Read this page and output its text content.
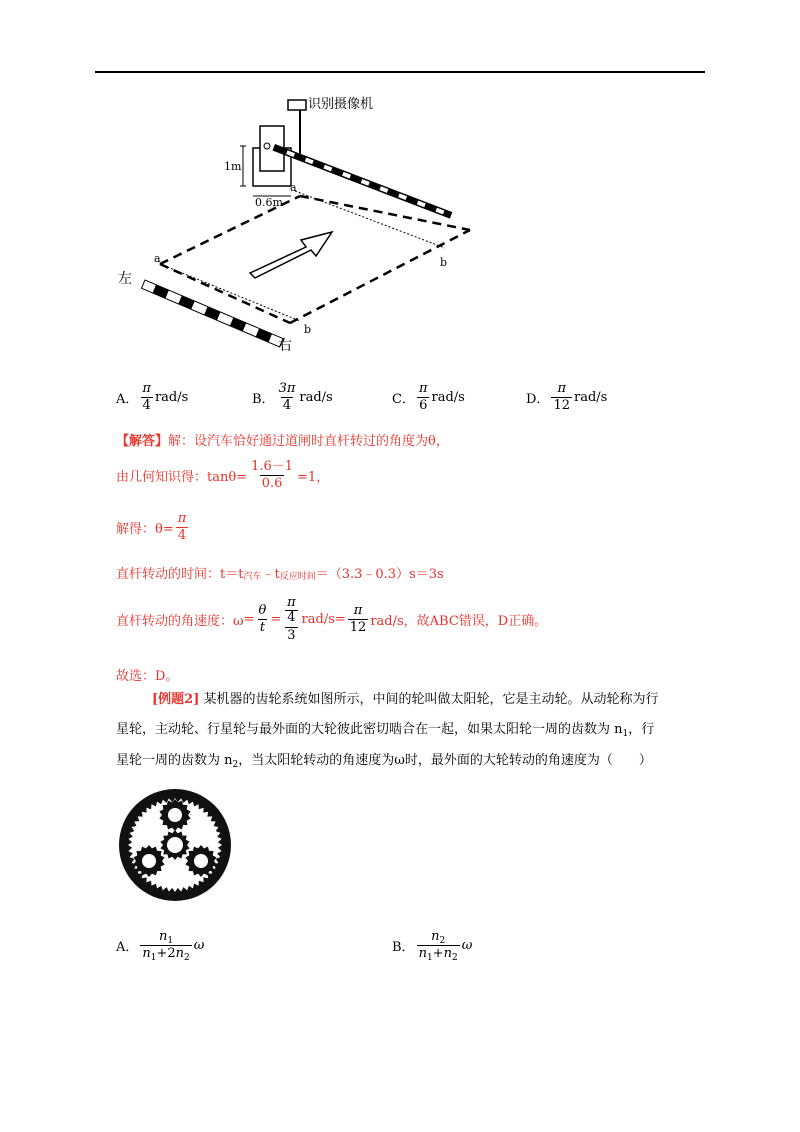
识别摄像机
1m
0.6m
a
a	b
b
左
右
A． $\frac{\pi}{4} rad/s$	B． $\frac{3\pi}{4} rad/s$	C． $\frac{\pi}{6} rad/s$	D． $\frac{\pi}{12} rad/s$
【解答】 解：设汽车恰好通过道闸时直杆转过的角度为θ，
由几何知识得：$\tan\theta= \frac{1.6-1}{0.6} =1$，
解得：$\theta= \frac{\pi}{4}$
直杆转动的时间：t＝t 汽车 ﹣t 反应时间 ＝（3.3﹣0.3）s＝3s
直杆转动的角速度：$\omega = \frac{\theta}{t} = \pi$
4
3 $rad/s= \frac{\pi}{12} rad/s$，故ABC错误，D正确。
故选：D。
[例题2] 某机器的齿轮系统如图所示，中间的轮叫做太阳轮，它是主动轮。从动轮称为行
星轮，主动轮、行星轮与最外面的大轮彼此密切啮合在一起，如果太阳轮一周的齿数为 $n_1$，行
星轮一周的齿数为 $n_2$，当太阳轮转动的角速度为ω时，最外面的大轮转动的角速度为（　　）
A． $\frac{n_1}{n_1+2n_2}$ ω	B． $\frac{n_2}{n_1+n_2}$ ω
